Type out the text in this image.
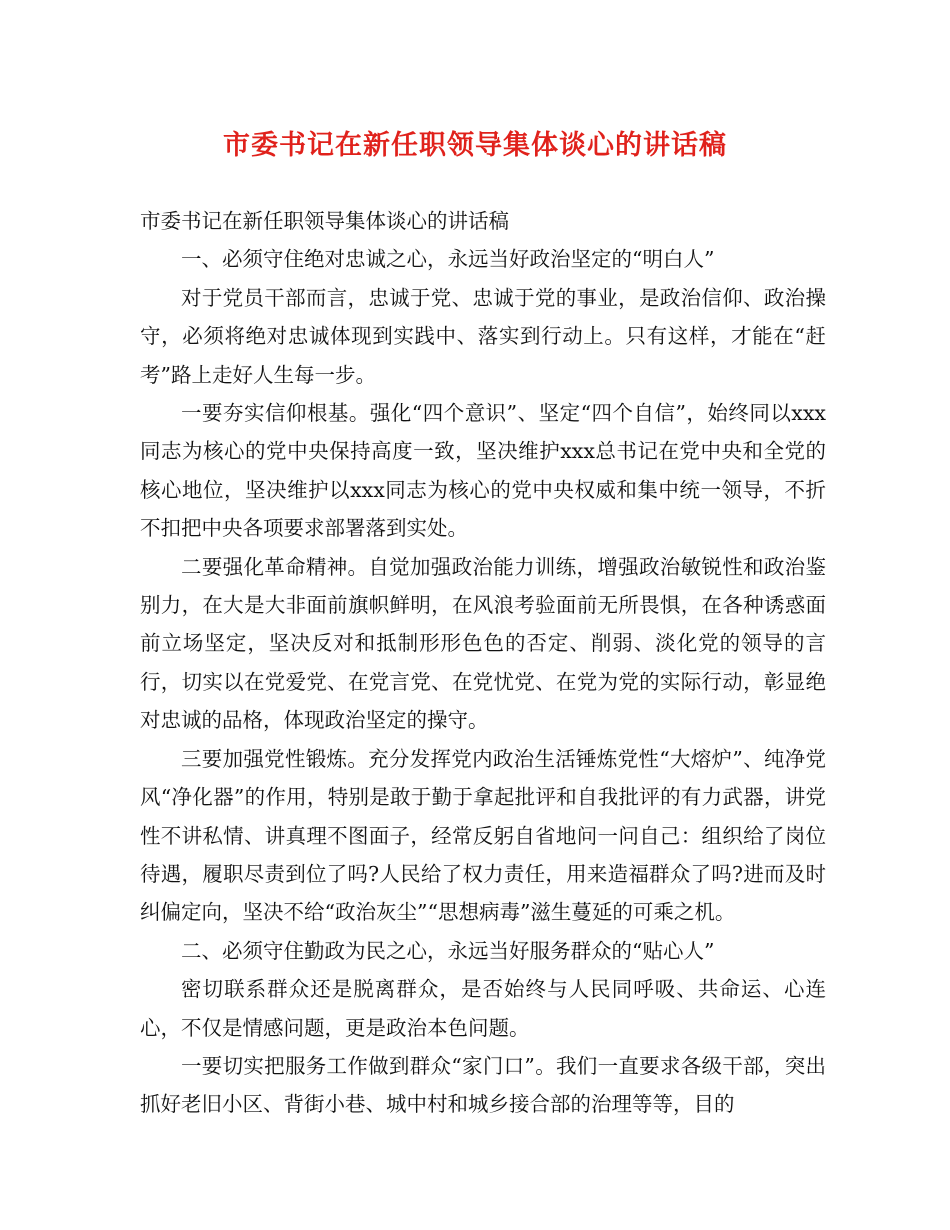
市委书记在新任职领导集体谈心的讲话稿

市委书记在新任职领导集体谈心的讲话稿

一、必须守住绝对忠诚之心，永远当好政治坚定的“明白人”

对于党员干部而言，忠诚于党、忠诚于党的事业，是政治信仰、政治操守，必须将绝对忠诚体现到实践中、落实到行动上。只有这样，才能在“赶考”路上走好人生每一步。

一要夯实信仰根基。强化“四个意识”、坚定“四个自信”，始终同以xxx同志为核心的党中央保持高度一致，坚决维护xxx总书记在党中央和全党的核心地位，坚决维护以xxx同志为核心的党中央权威和集中统一领导，不折不扣把中央各项要求部署落到实处。

二要强化革命精神。自觉加强政治能力训练，增强政治敏锐性和政治鉴别力，在大是大非面前旗帜鲜明，在风浪考验面前无所畏惧，在各种诱惑面前立场坚定，坚决反对和抵制形形色色的否定、削弱、淡化党的领导的言行，切实以在党爱党、在党言党、在党忧党、在党为党的实际行动，彰显绝对忠诚的品格，体现政治坚定的操守。

三要加强党性锻炼。充分发挥党内政治生活锤炼党性“大熔炉”、纯净党风“净化器”的作用，特别是敢于勤于拿起批评和自我批评的有力武器，讲党性不讲私情、讲真理不图面子，经常反躬自省地问一问自己：组织给了岗位待遇，履职尽责到位了吗?人民给了权力责任，用来造福群众了吗?进而及时纠偏定向，坚决不给“政治灰尘”“思想病毒”滋生蔓延的可乘之机。

二、必须守住勤政为民之心，永远当好服务群众的“贴心人”

密切联系群众还是脱离群众，是否始终与人民同呼吸、共命运、心连心，不仅是情感问题，更是政治本色问题。

一要切实把服务工作做到群众“家门口”。我们一直要求各级干部，突出抓好老旧小区、背街小巷、城中村和城乡接合部的治理等等，目的
